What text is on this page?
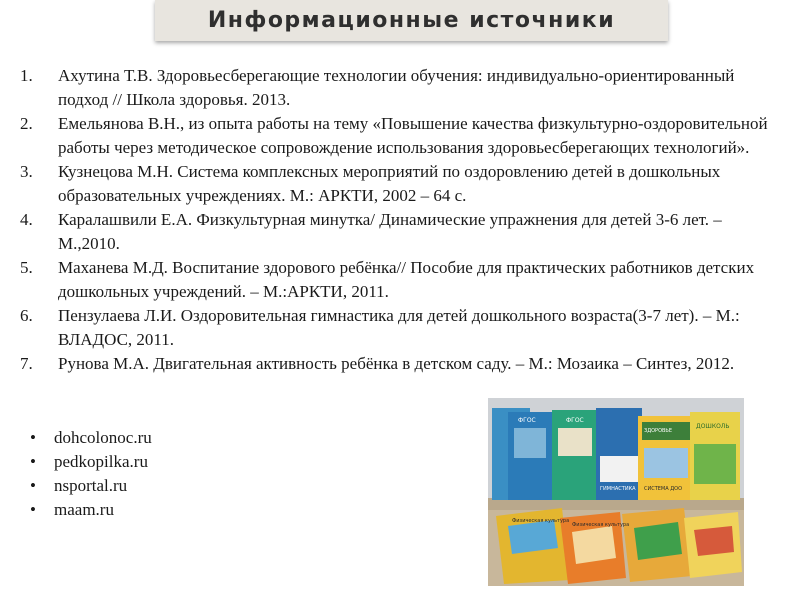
Информационные источники
1. Ахутина Т.В. Здоровьесберегающие технологии обучения: индивидуально-ориентированный подход // Школа здоровья. 2013.
2. Емельянова В.Н., из опыта работы на тему «Повышение качества физкультурно-оздоровительной работы через методическое сопровождение использования здоровьесберегающих технологий».
3. Кузнецова М.Н. Система комплексных мероприятий по оздоровлению детей в дошкольных образовательных учреждениях. М.: АРКТИ, 2002 – 64 с.
4. Каралашвили Е.А. Физкультурная минутка/ Динамические упражнения для детей 3-6 лет. – М.,2010.
5. Маханева М.Д. Воспитание здорового ребёнка// Пособие для практических работников детских дошкольных учреждений. – М.:АРКТИ, 2011.
6. Пензулаева Л.И. Оздоровительная гимнастика для детей дошкольного возраста(3-7 лет). – М.: ВЛАДОС, 2011.
7. Рунова М.А. Двигательная активность ребёнка в детском саду. – М.: Мозаика – Синтез, 2012.
• dohcolonoc.ru
• pedkopilka.ru
• nsportal.ru
• maam.ru
ФГОС	ФГОС
ЗДОРОВЬЕ
ДОШКОЛЬ
СИСТЕМА ДОО
ГИМНАСТИКА
Физическая культура
Физическая культура
